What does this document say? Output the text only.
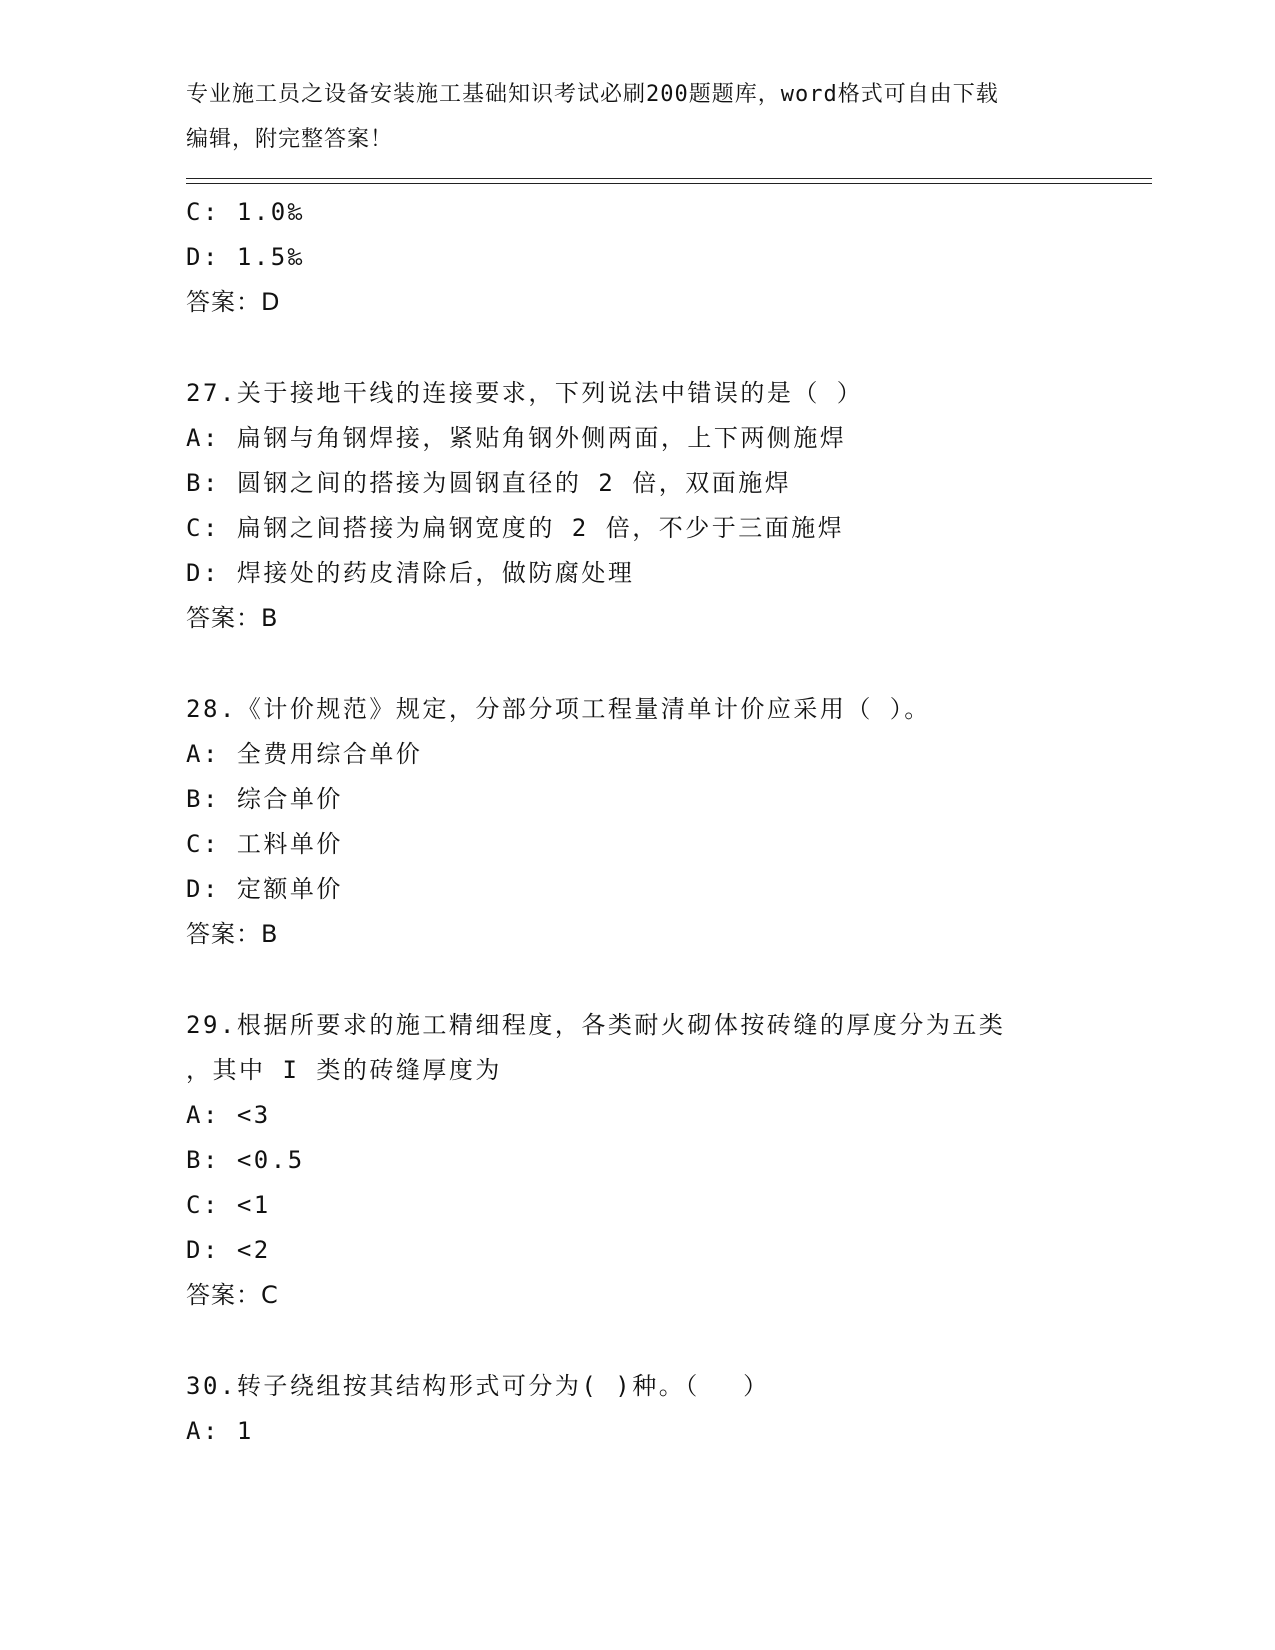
专业施工员之设备安装施工基础知识考试必刷200题题库，word格式可自由下载
编辑，附完整答案！
C: 1.0‰
D: 1.5‰
答案：D
27.关于接地干线的连接要求，下列说法中错误的是（ ）
A: 扁钢与角钢焊接，紧贴角钢外侧两面，上下两侧施焊
B: 圆钢之间的搭接为圆钢直径的 2 倍，双面施焊
C: 扁钢之间搭接为扁钢宽度的 2 倍，不少于三面施焊
D: 焊接处的药皮清除后，做防腐处理
答案：B
28.《计价规范》规定，分部分项工程量清单计价应采用（ ）。
A: 全费用综合单价
B: 综合单价
C: 工料单价
D: 定额单价
答案：B
29.根据所要求的施工精细程度，各类耐火砌体按砖缝的厚度分为五类
，其中 I 类的砖缝厚度为
A: <3
B: <0.5
C: <1
D: <2
答案：C
30.转子绕组按其结构形式可分为( )种。（　 ）
A: 1
